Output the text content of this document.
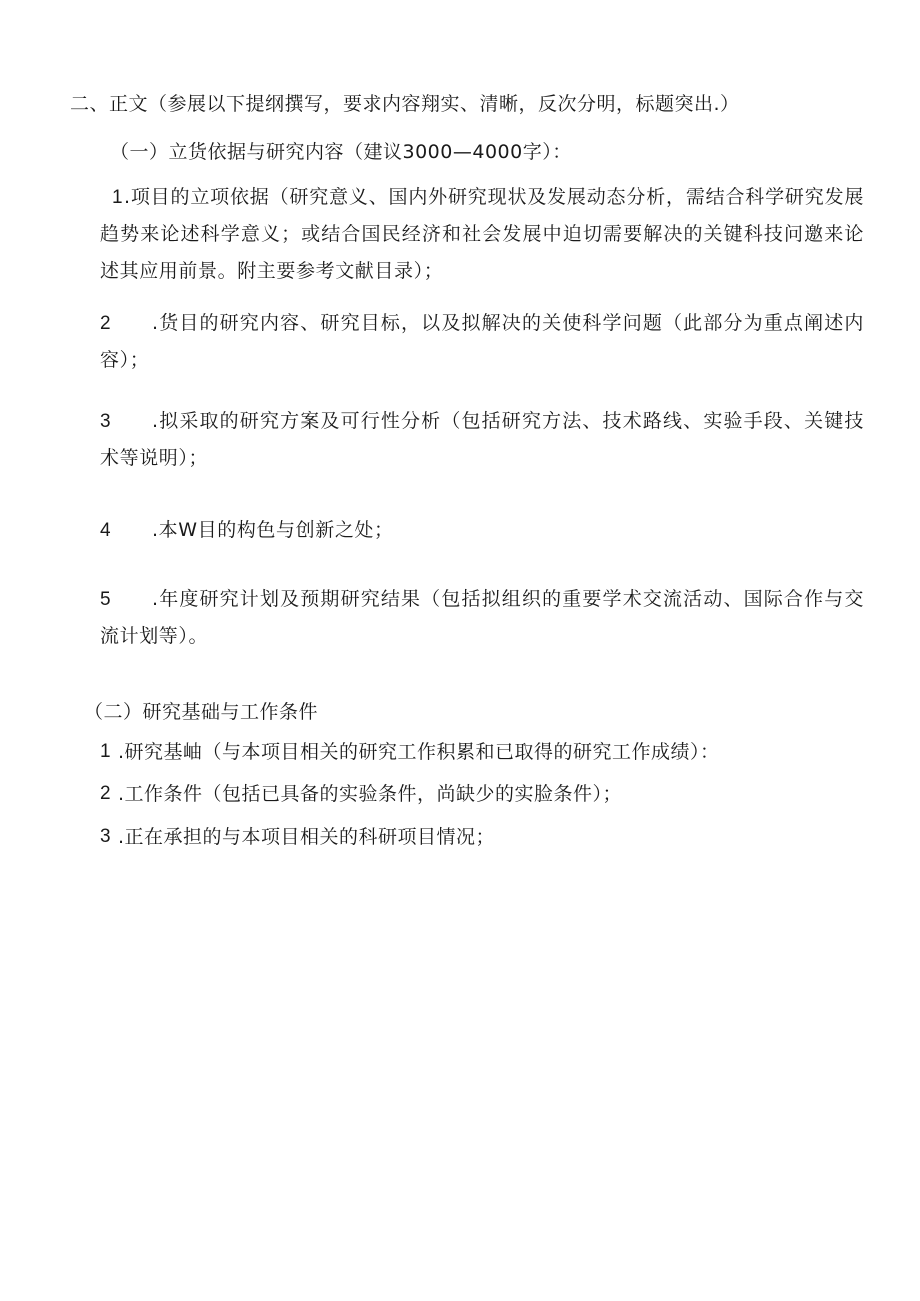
二、正文（参展以下提纲撰写，要求内容翔实、清晰，反次分明，标题突出.）
（一）立货依据与研究内容（建议3000—4000字）：
1 .项目的立项依据（研究意义、国内外研究现状及发展动态分析，需结合科学研究发展趋势来论述科学意义；或结合国民经济和社会发展中迫切需要解决的关键科技问邀来论述其应用前景。附主要参考文献目录）；
2	.货目的研究内容、研究目标，以及拟解决的关使科学问题（此部分为重点阐述内容）；
3	.拟采取的研究方案及可行性分析（包括研究方法、技术路线、实验手段、关键技术等说明）；
4 .本W目的构色与创新之处；
5	.年度研究计划及预期研究结果（包括拟组织的重要学术交流活动、国际合作与交流计划等）。
（二）研究基础与工作条件
1 .研究基岫（与本项目相关的研究工作积累和已取得的研究工作成绩）：
2 .工作条件（包括已具备的实验条件，尚缺少的实脸条件）；
3 .正在承担的与本项目相关的科研项目情况；
